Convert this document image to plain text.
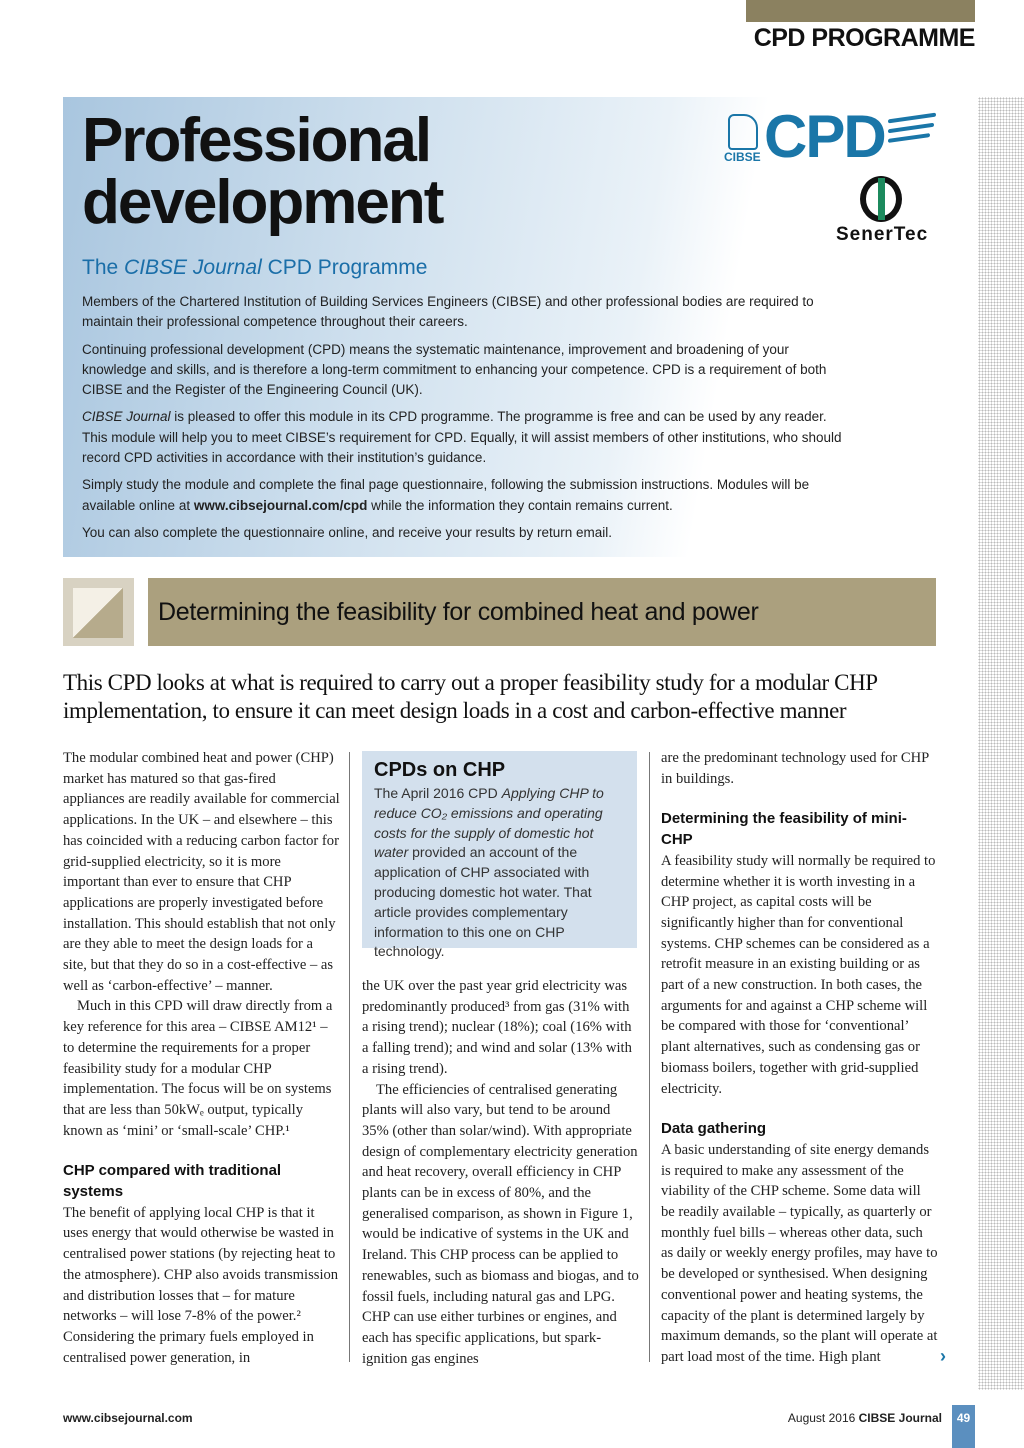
CPD PROGRAMME
Professional
development
The CIBSE Journal CPD Programme

Members of the Chartered Institution of Building Services Engineers (CIBSE) and other professional bodies are required to maintain their professional competence throughout their careers.

Continuing professional development (CPD) means the systematic maintenance, improvement and broadening of your knowledge and skills, and is therefore a long-term commitment to enhancing your competence. CPD is a requirement of both CIBSE and the Register of the Engineering Council (UK).

CIBSE Journal is pleased to offer this module in its CPD programme. The programme is free and can be used by any reader. This module will help you to meet CIBSE’s requirement for CPD. Equally, it will assist members of other institutions, who should record CPD activities in accordance with their institution’s guidance.

Simply study the module and complete the final page questionnaire, following the submission instructions. Modules will be available online at www.cibsejournal.com/cpd while the information they contain remains current.

You can also complete the questionnaire online, and receive your results by return email.

CIBSE CPD
SenerTec
Determining the feasibility for combined heat and power
This CPD looks at what is required to carry out a proper feasibility study for a modular CHP implementation, to ensure it can meet design loads in a cost and carbon-effective manner

The modular combined heat and power (CHP) market has matured so that gas-fired appliances are readily available for commercial applications. In the UK – and elsewhere – this has coincided with a reducing carbon factor for grid-supplied electricity, so it is more important than ever to ensure that CHP applications are properly investigated before installation. This should establish that not only are they able to meet the design loads for a site, but that they do so in a cost-effective – as well as ‘carbon-effective’ – manner.

Much in this CPD will draw directly from a key reference for this area – CIBSE AM12¹ – to determine the requirements for a proper feasibility study for a modular CHP implementation. The focus will be on systems that are less than 50kWₑ output, typically known as ‘mini’ or ‘small-scale’ CHP.¹

CHP compared with traditional systems

The benefit of applying local CHP is that it uses energy that would otherwise be wasted in centralised power stations (by rejecting heat to the atmosphere). CHP also avoids transmission and distribution losses that – for mature networks – will lose 7-8% of the power.² Considering the primary fuels employed in centralised power generation, in

CPDs on CHP

The April 2016 CPD Applying CHP to reduce CO₂ emissions and operating costs for the supply of domestic hot water provided an account of the application of CHP associated with producing domestic hot water. That article provides complementary information to this one on CHP technology.

the UK over the past year grid electricity was predominantly produced³ from gas (31% with a rising trend); nuclear (18%); coal (16% with a falling trend); and wind and solar (13% with a rising trend).

The efficiencies of centralised generating plants will also vary, but tend to be around 35% (other than solar/wind). With appropriate design of complementary electricity generation and heat recovery, overall efficiency in CHP plants can be in excess of 80%, and the generalised comparison, as shown in Figure 1, would be indicative of systems in the UK and Ireland. This CHP process can be applied to renewables, such as biomass and biogas, and to fossil fuels, including natural gas and LPG. CHP can use either turbines or engines, and each has specific applications, but spark-ignition gas engines

are the predominant technology used for CHP in buildings.

Determining the feasibility of mini-CHP

A feasibility study will normally be required to determine whether it is worth investing in a CHP project, as capital costs will be significantly higher than for conventional systems. CHP schemes can be considered as a retrofit measure in an existing building or as part of a new construction. In both cases, the arguments for and against a CHP scheme will be compared with those for ‘conventional’ plant alternatives, such as condensing gas or biomass boilers, together with grid-supplied electricity.

Data gathering

A basic understanding of site energy demands is required to make any assessment of the viability of the CHP scheme. Some data will be readily available – typically, as quarterly or monthly fuel bills – whereas other data, such as daily or weekly energy profiles, may have to be developed or synthesised. When designing conventional power and heating systems, the capacity of the plant is determined largely by maximum demands, so the plant will operate at part load most of the time. High plant	›
www.cibsejournal.com	August 2016 CIBSE Journal	49
